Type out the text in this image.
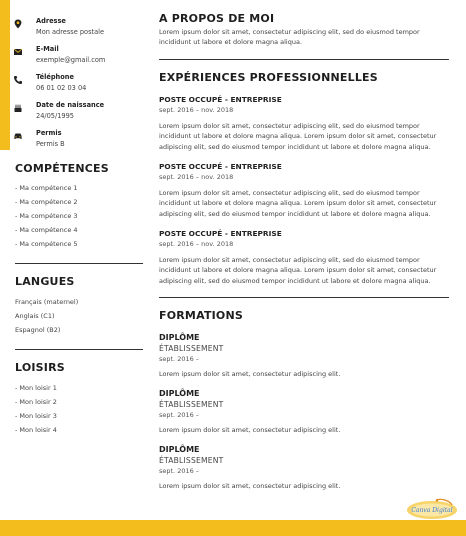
Adresse
Mon adresse postale
E-Mail
exemple@gmail.com
Téléphone
06 01 02 03 04
Date de naissance
24/05/1995
Permis
Permis B
COMPÉTENCES
- Ma compétence 1
- Ma compétence 2
- Ma compétence 3
- Ma compétence 4
- Ma compétence 5
LANGUES
Français (maternel)
Anglais (C1)
Espagnol (B2)
LOISIRS
- Mon loisir 1
- Mon loisir 2
- Mon loisir 3
- Mon loisir 4
A PROPOS DE MOI
Lorem ipsum dolor sit amet, consectetur adipiscing elit, sed do eiusmod tempor incididunt ut labore et dolore magna aliqua.
EXPÉRIENCES PROFESSIONNELLES
POSTE OCCUPÉ - ENTREPRISE
sept. 2016 – nov. 2018
Lorem ipsum dolor sit amet, consectetur adipiscing elit, sed do eiusmod tempor incididunt ut labore et dolore magna aliqua. Lorem ipsum dolor sit amet, consectetur adipiscing elit, sed do eiusmod tempor incididunt ut labore et dolore magna aliqua.
POSTE OCCUPÉ - ENTREPRISE
sept. 2016 – nov. 2018
Lorem ipsum dolor sit amet, consectetur adipiscing elit, sed do eiusmod tempor incididunt ut labore et dolore magna aliqua. Lorem ipsum dolor sit amet, consectetur adipiscing elit, sed do eiusmod tempor incididunt ut labore et dolore magna aliqua.
POSTE OCCUPÉ - ENTREPRISE
sept. 2016 – nov. 2018
Lorem ipsum dolor sit amet, consectetur adipiscing elit, sed do eiusmod tempor incididunt ut labore et dolore magna aliqua. Lorem ipsum dolor sit amet, consectetur adipiscing elit, sed do eiusmod tempor incididunt ut labore et dolore magna aliqua.
FORMATIONS
DIPLÔME
ÉTABLISSEMENT
sept. 2016 –
Lorem ipsum dolor sit amet, consectetur adipiscing elit.
DIPLÔME
ÉTABLISSEMENT
sept. 2016 –
Lorem ipsum dolor sit amet, consectetur adipiscing elit.
DIPLÔME
ÉTABLISSEMENT
sept. 2016 –
Lorem ipsum dolor sit amet, consectetur adipiscing elit.
Canva Digital
